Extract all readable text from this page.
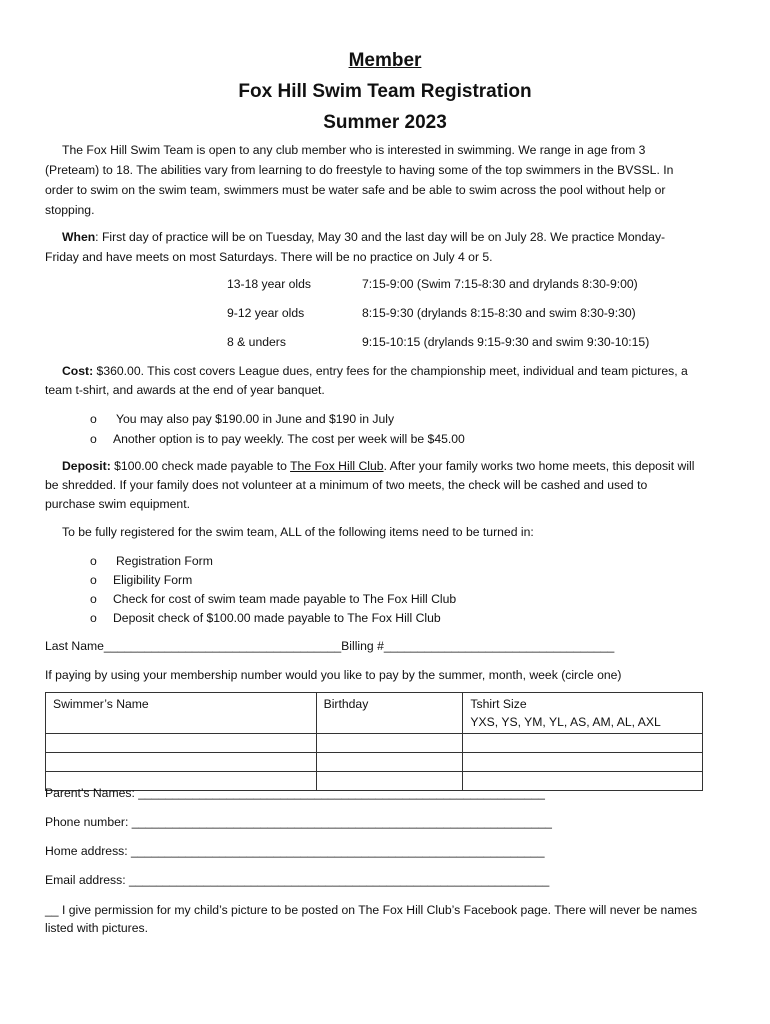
Member
Fox Hill Swim Team Registration
Summer 2023
The Fox Hill Swim Team is open to any club member who is interested in swimming. We range in age from 3
(Preteam) to 18. The abilities vary from learning to do freestyle to having some of the top swimmers in the BVSSL. In
order to swim on the swim team, swimmers must be water safe and be able to swim across the pool without help or
stopping.
When: First day of practice will be on Tuesday, May 30 and the last day will be on July 28. We practice Monday-
Friday and have meets on most Saturdays. There will be no practice on July 4 or 5.
13-18 year olds	7:15-9:00 (Swim 7:15-8:30 and drylands 8:30-9:00)
9-12 year olds	8:15-9:30 (drylands 8:15-8:30 and swim 8:30-9:30)
8 & unders	9:15-10:15 (drylands 9:15-9:30 and swim 9:30-10:15)
Cost: $360.00. This cost covers League dues, entry fees for the championship meet, individual and team pictures, a
team t-shirt, and awards at the end of year banquet.
o You may also pay $190.00 in June and $190 in July
o Another option is to pay weekly. The cost per week will be $45.00
Deposit: $100.00 check made payable to The Fox Hill Club. After your family works two home meets, this deposit will
be shredded. If your family does not volunteer at a minimum of two meets, the check will be cashed and used to
purchase swim equipment.
To be fully registered for the swim team, ALL of the following items need to be turned in:
o Registration Form
o Eligibility Form
o Check for cost of swim team made payable to The Fox Hill Club
o Deposit check of $100.00 made payable to The Fox Hill Club
Last Name___________________________________Billing #__________________________________
If paying by using your membership number would you like to pay by the summer, month, week (circle one)
Swimmer’s Name	Birthday	Tshirt Size
YXS, YS, YM, YL, AS, AM, AL, AXL

Parent’s Names: ____________________________________________________________
Phone number: ______________________________________________________________
Home address: _____________________________________________________________
Email address: ______________________________________________________________
__ I give permission for my child’s picture to be posted on The Fox Hill Club’s Facebook page. There will never be names
listed with pictures.
